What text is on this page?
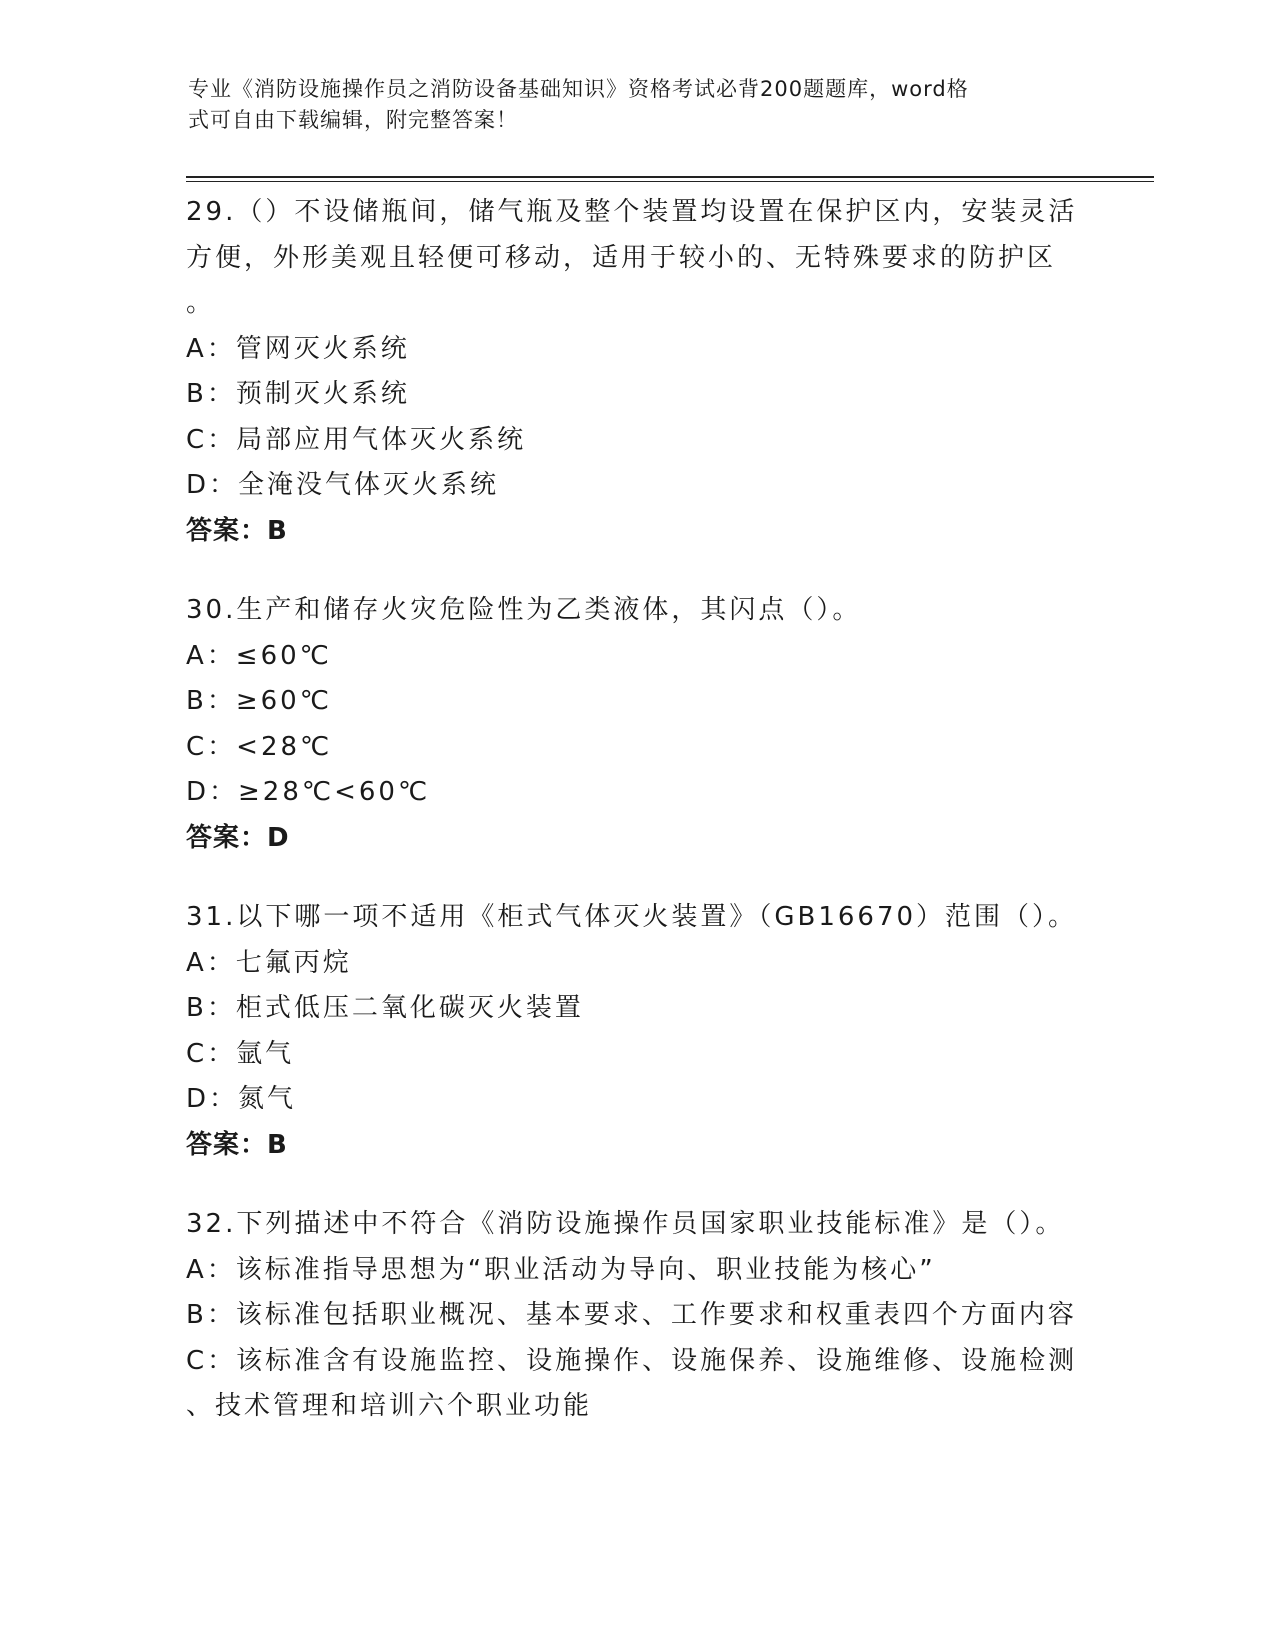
专业《消防设施操作员之消防设备基础知识》资格考试必背200题题库，word格
式可自由下载编辑，附完整答案！
29.（）不设储瓶间，储气瓶及整个装置均设置在保护区内，安装灵活
方便，外形美观且轻便可移动，适用于较小的、无特殊要求的防护区
。
A：管网灭火系统
B：预制灭火系统
C：局部应用气体灭火系统
D：全淹没气体灭火系统
答案：B
30.生产和储存火灾危险性为乙类液体，其闪点（）。
A：≤60℃
B：≥60℃
C：<28℃
D：≥28℃<60℃
答案：D
31.以下哪一项不适用《柜式气体灭火装置》（GB16670）范围（）。
A：七氟丙烷
B：柜式低压二氧化碳灭火装置
C：氩气
D：氮气
答案：B
32.下列描述中不符合《消防设施操作员国家职业技能标准》是（）。
A：该标准指导思想为“职业活动为导向、职业技能为核心”
B：该标准包括职业概况、基本要求、工作要求和权重表四个方面内容
C：该标准含有设施监控、设施操作、设施保养、设施维修、设施检测
、技术管理和培训六个职业功能
